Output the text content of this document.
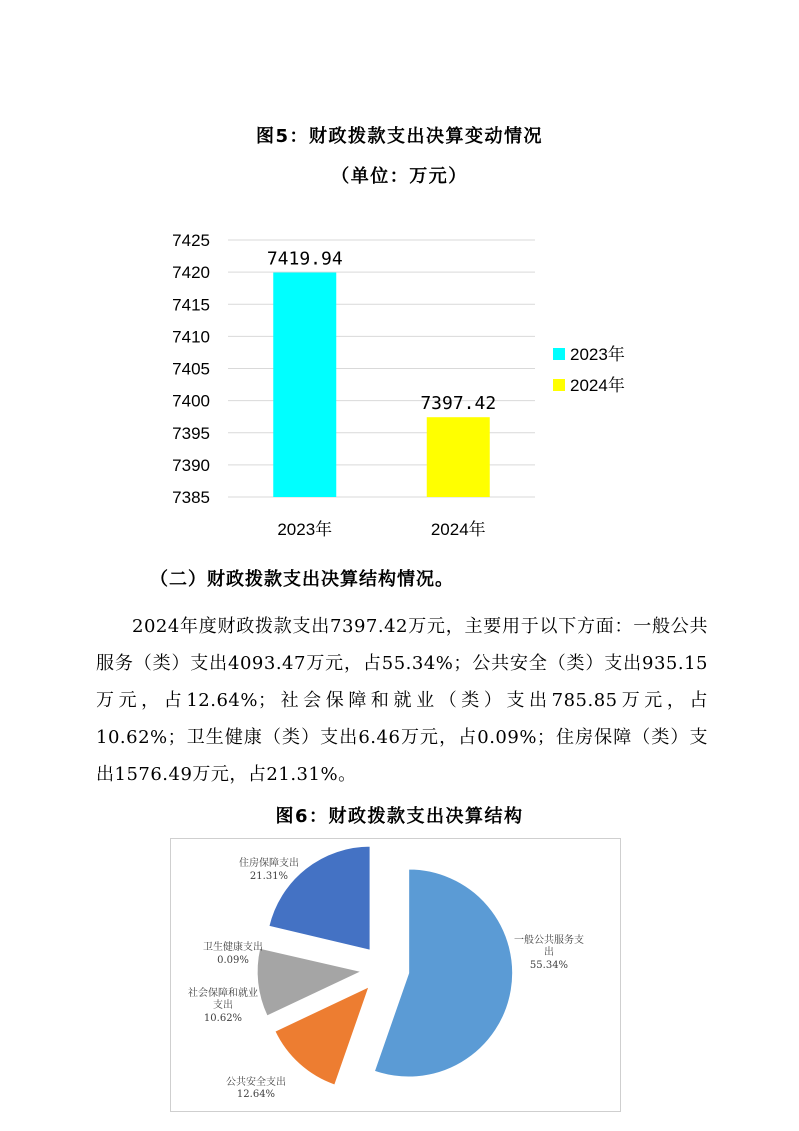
图5：财政拨款支出决算变动情况
（单位：万元）
7425
7420
7415
7410
7405
7400
7395
7390
7385
7419.94
7397.42
2023年	2024年
2023年
2024年
（二）财政拨款支出决算结构情况。
2024年度财政拨款支出7397.42万元，主要用于以下方面：一般公共服务（类）支出4093.47万元，占55.34%；公共安全（类）支出935.15万元，占12.64%；社会保障和就业（类）支出785.85万元，占10.62%；卫生健康（类）支出6.46万元，占0.09%；住房保障（类）支出1576.49万元，占21.31%。
图6：财政拨款支出决算结构
一般公共服务支
出
55.34%
公共安全支出
12.64%
社会保障和就业
支出
10.62%
卫生健康支出
0.09%
住房保障支出
21.31%
